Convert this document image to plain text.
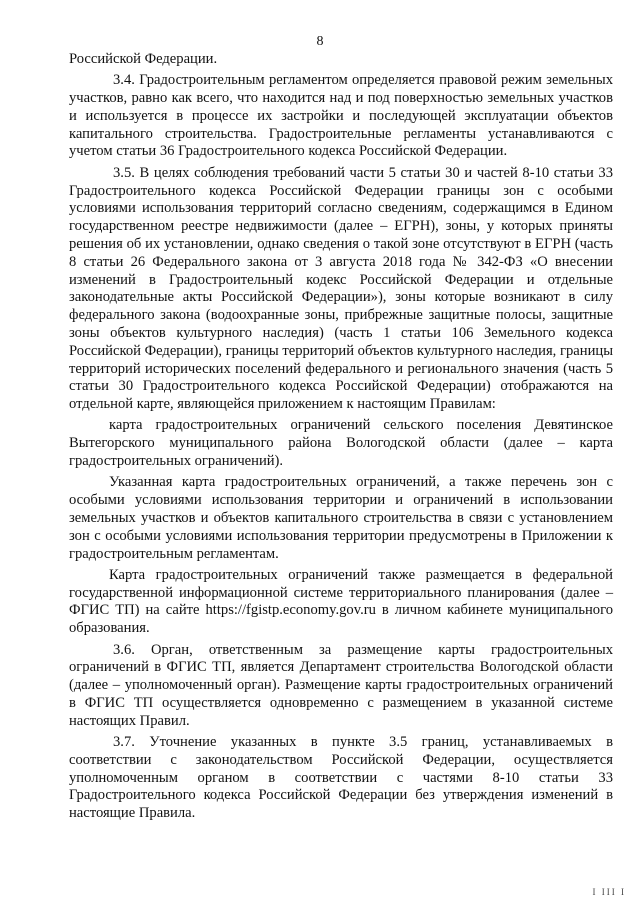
8

Российской Федерации.

3.4. Градостроительным регламентом определяется правовой режим земельных участков, равно как всего, что находится над и под поверхностью земельных участков и используется в процессе их застройки и последующей эксплуатации объектов капитального строительства. Градостроительные регламенты устанавливаются с учетом статьи 36 Градостроительного кодекса Российской Федерации.

3.5. В целях соблюдения требований части 5 статьи 30 и частей 8-10 статьи 33 Градостроительного кодекса Российской Федерации границы зон с особыми условиями использования территорий согласно сведениям, содержащимся в Едином государственном реестре недвижимости (далее – ЕГРН), зоны, у которых приняты решения об их установлении, однако сведения о такой зоне отсутствуют в ЕГРН (часть 8 статьи 26 Федерального закона от 3 августа 2018 года № 342-ФЗ «О внесении изменений в Градостроительный кодекс Российской Федерации и отдельные законодательные акты Российской Федерации»), зоны которые возникают в силу федерального закона (водоохранные зоны, прибрежные защитные полосы, защитные зоны объектов культурного наследия) (часть 1 статьи 106 Земельного кодекса Российской Федерации), границы территорий объектов культурного наследия, границы территорий исторических поселений федерального и регионального значения (часть 5 статьи 30 Градостроительного кодекса Российской Федерации) отображаются на отдельной карте, являющейся приложением к настоящим Правилам:

карта градостроительных ограничений сельского поселения Девятинское Вытегорского муниципального района Вологодской области (далее – карта градостроительных ограничений).

Указанная карта градостроительных ограничений, а также перечень зон с особыми условиями использования территории и ограничений в использовании земельных участков и объектов капитального строительства в связи с установлением зон с особыми условиями использования территории предусмотрены в Приложении к градостроительным регламентам.

Карта градостроительных ограничений также размещается в федеральной государственной информационной системе территориального планирования (далее – ФГИС ТП) на сайте https://fgistp.economy.gov.ru в личном кабинете муниципального образования.

3.6. Орган, ответственным за размещение карты градостроительных ограничений в ФГИС ТП, является Департамент строительства Вологодской области (далее – уполномоченный орган). Размещение карты градостроительных ограничений в ФГИС ТП осуществляется одновременно с размещением в указанной системе настоящих Правил.

3.7. Уточнение указанных в пункте 3.5 границ, устанавливаемых в соответствии с законодательством Российской Федерации, осуществляется уполномоченным органом в соответствии с частями 8-10 статьи 33 Градостроительного кодекса Российской Федерации без утверждения изменений в настоящие Правила.

I III I
